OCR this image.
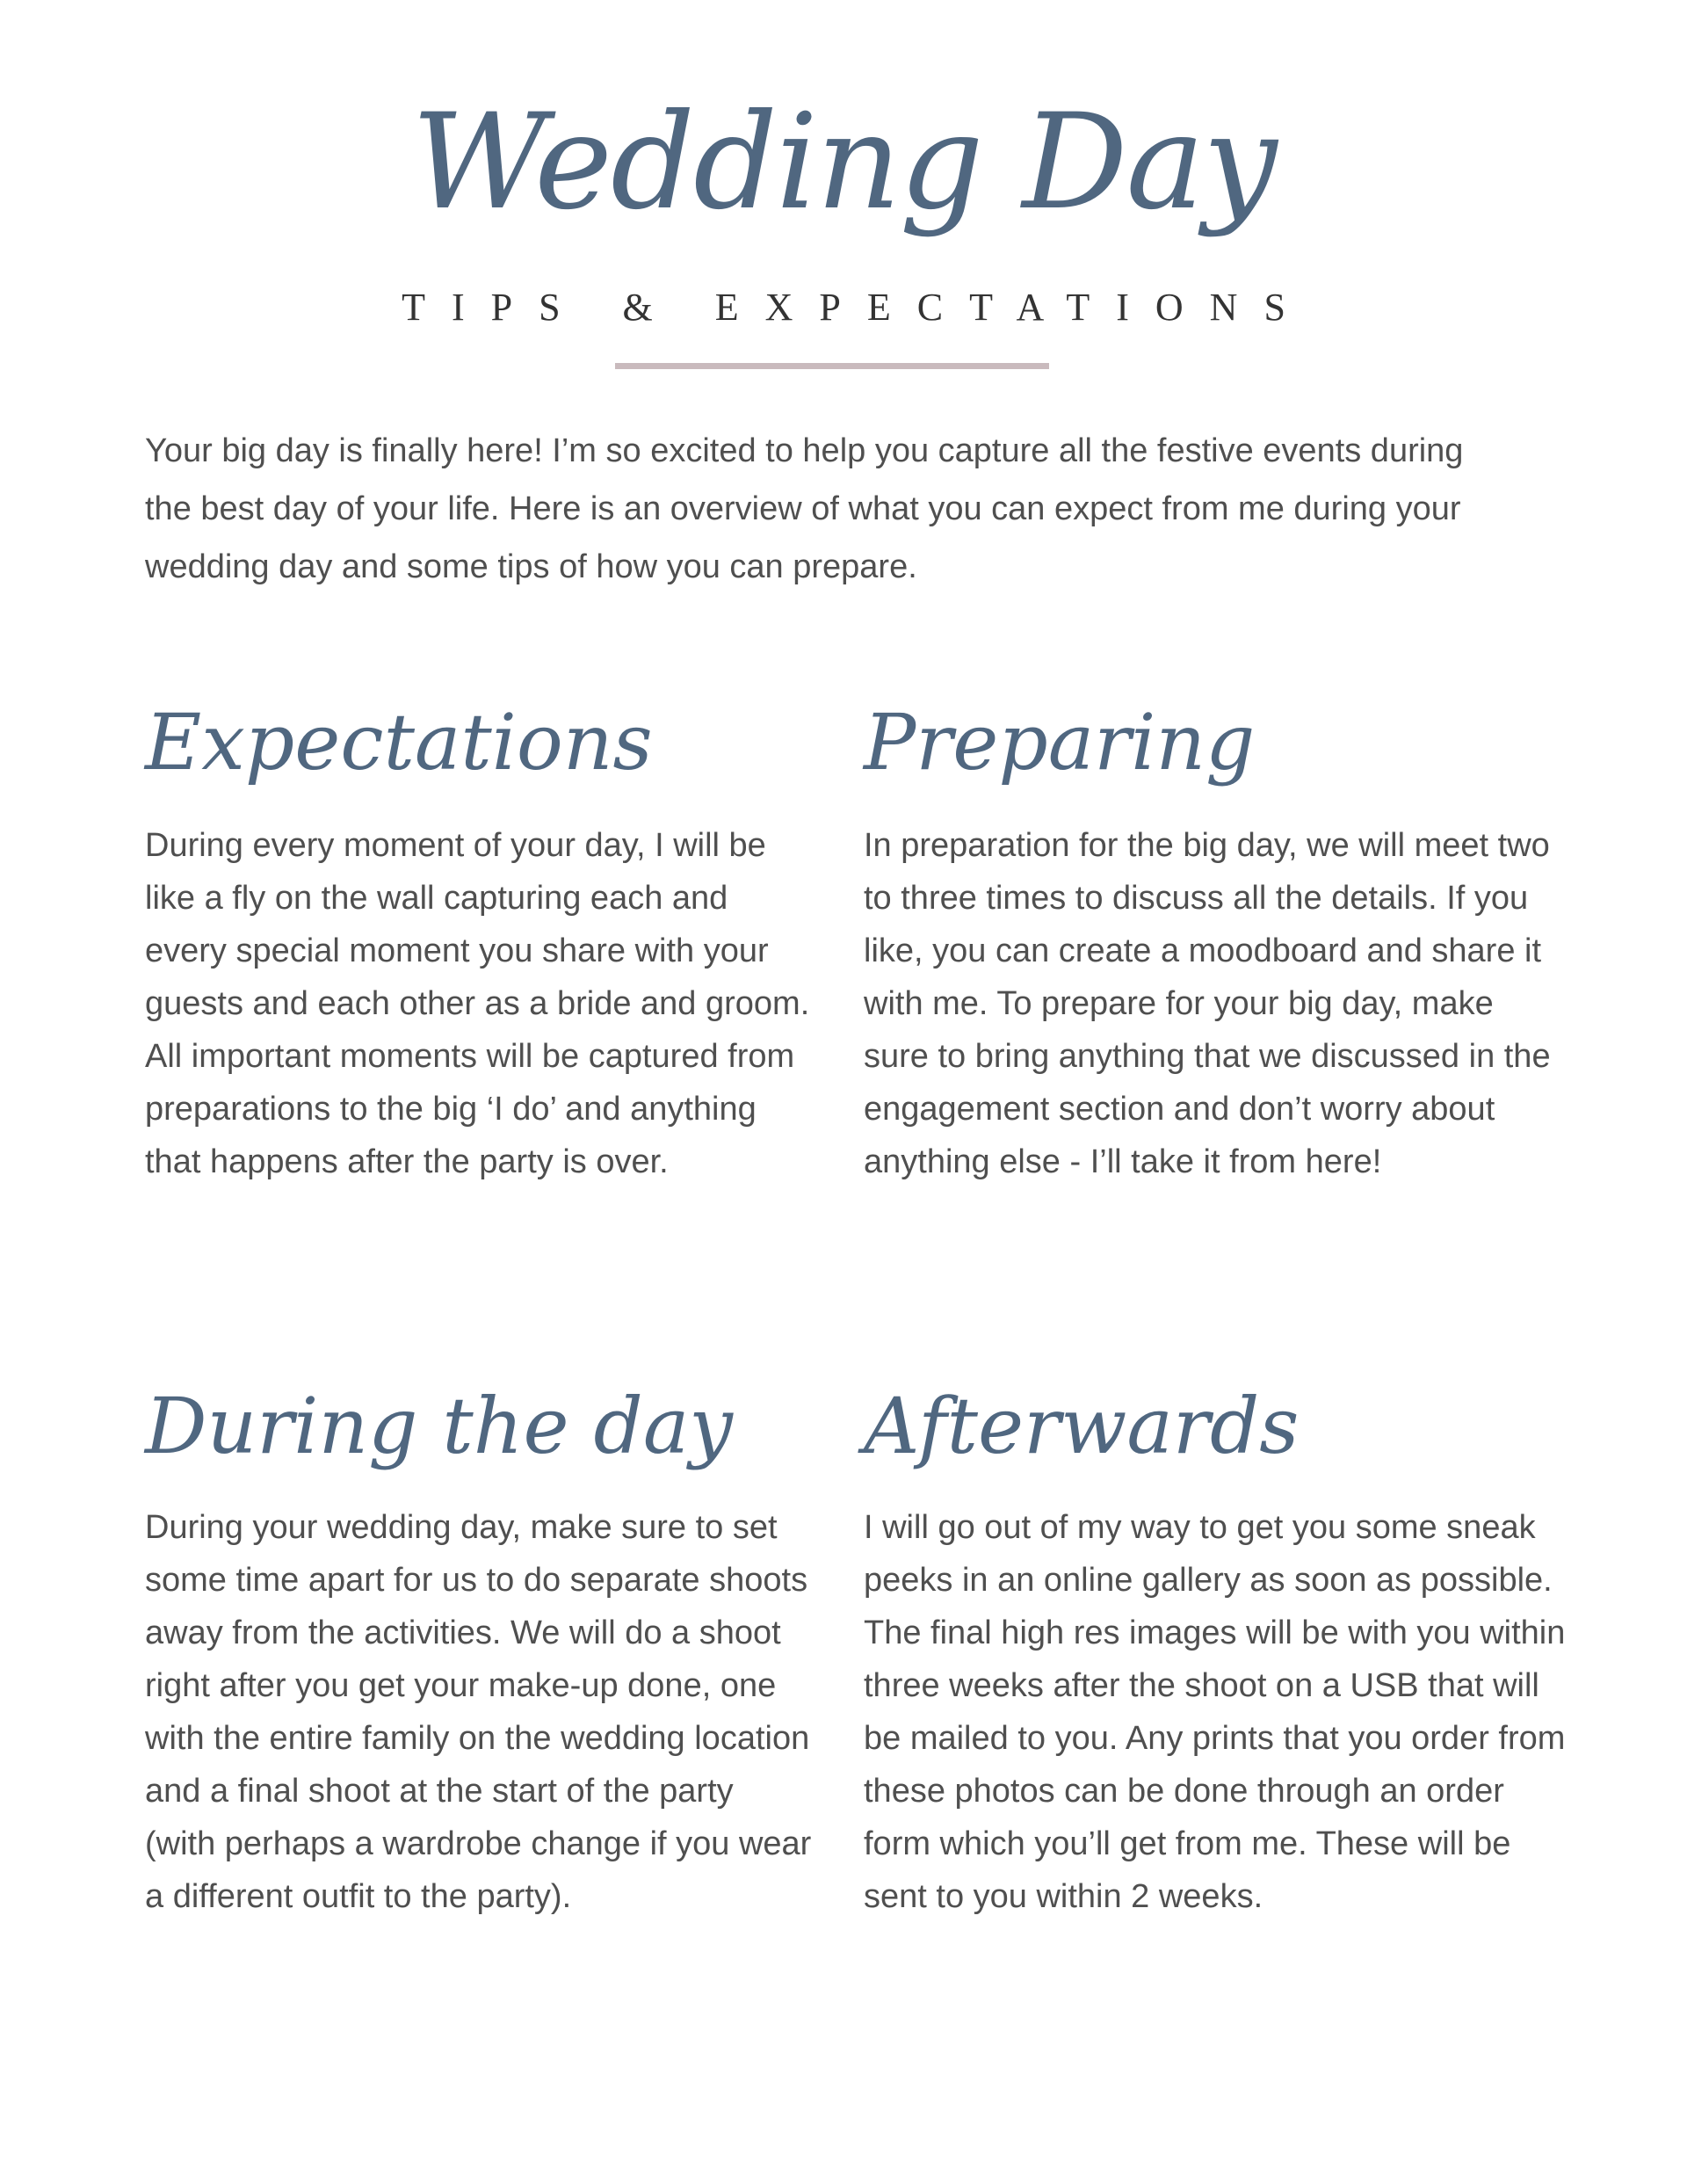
Wedding Day
TIPS & EXPECTATIONS

Your big day is finally here! I’m so excited to help you capture all the festive events during the best day of your life. Here is an overview of what you can expect from me during your wedding day and some tips of how you can prepare.

Expectations

During every moment of your day, I will be like a fly on the wall capturing each and every special moment you share with your guests and each other as a bride and groom. All important moments will be captured from preparations to the big ‘I do’ and anything that happens after the party is over.

Preparing

In preparation for the big day, we will meet two to three times to discuss all the details. If you like, you can create a moodboard and share it with me. To prepare for your big day, make sure to bring anything that we discussed in the engagement section and don’t worry about anything else - I’ll take it from here!

During the day

During your wedding day, make sure to set some time apart for us to do separate shoots away from the activities. We will do a shoot right after you get your make-up done, one with the entire family on the wedding location and a final shoot at the start of the party (with perhaps a wardrobe change if you wear a different outfit to the party).

Afterwards

I will go out of my way to get you some sneak peeks in an online gallery as soon as possible. The final high res images will be with you within three weeks after the shoot on a USB that will be mailed to you. Any prints that you order from these photos can be done through an order form which you’ll get from me. These will be sent to you within 2 weeks.
